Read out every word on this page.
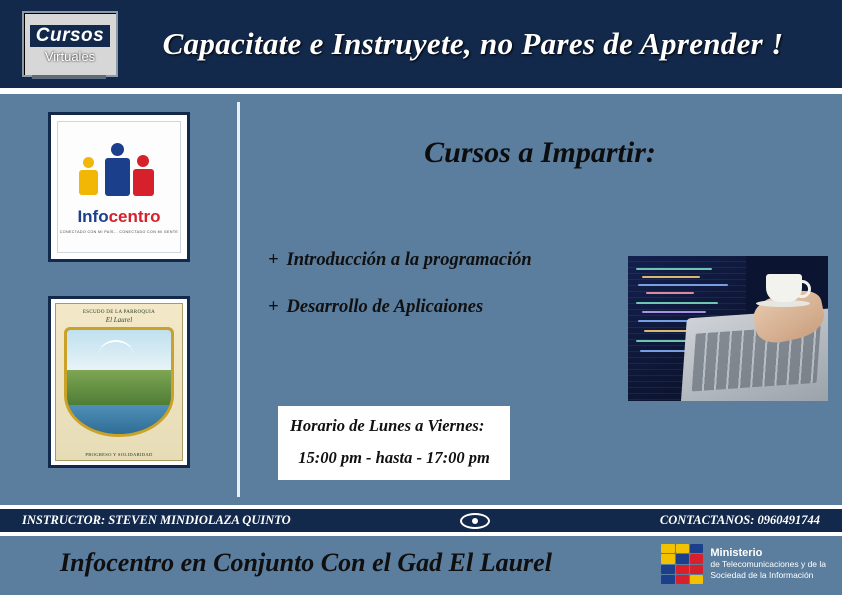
Cursos
Virtuales	Capacitate e Instruyete, no Pares de Aprender !
Infocentro
CONECTADO CON MI PAÍS... CONECTADO CON MI GENTE
ESCUDO DE LA PARROQUIA
El Laurel
PROGRESO Y SOLIDARIDAD
Cursos a Impartir:
+ Introducción a la programación
+ Desarrollo de Aplicaiones
Horario de Lunes a Viernes:
15:00 pm - hasta - 17:00 pm
INSTRUCTOR: STEVEN MINDIOLAZA QUINTO	CONTACTANOS: 0960491744
Infocentro en Conjunto Con el Gad El Laurel	Ministerio
de Telecomunicaciones y de la
Sociedad de la Información
